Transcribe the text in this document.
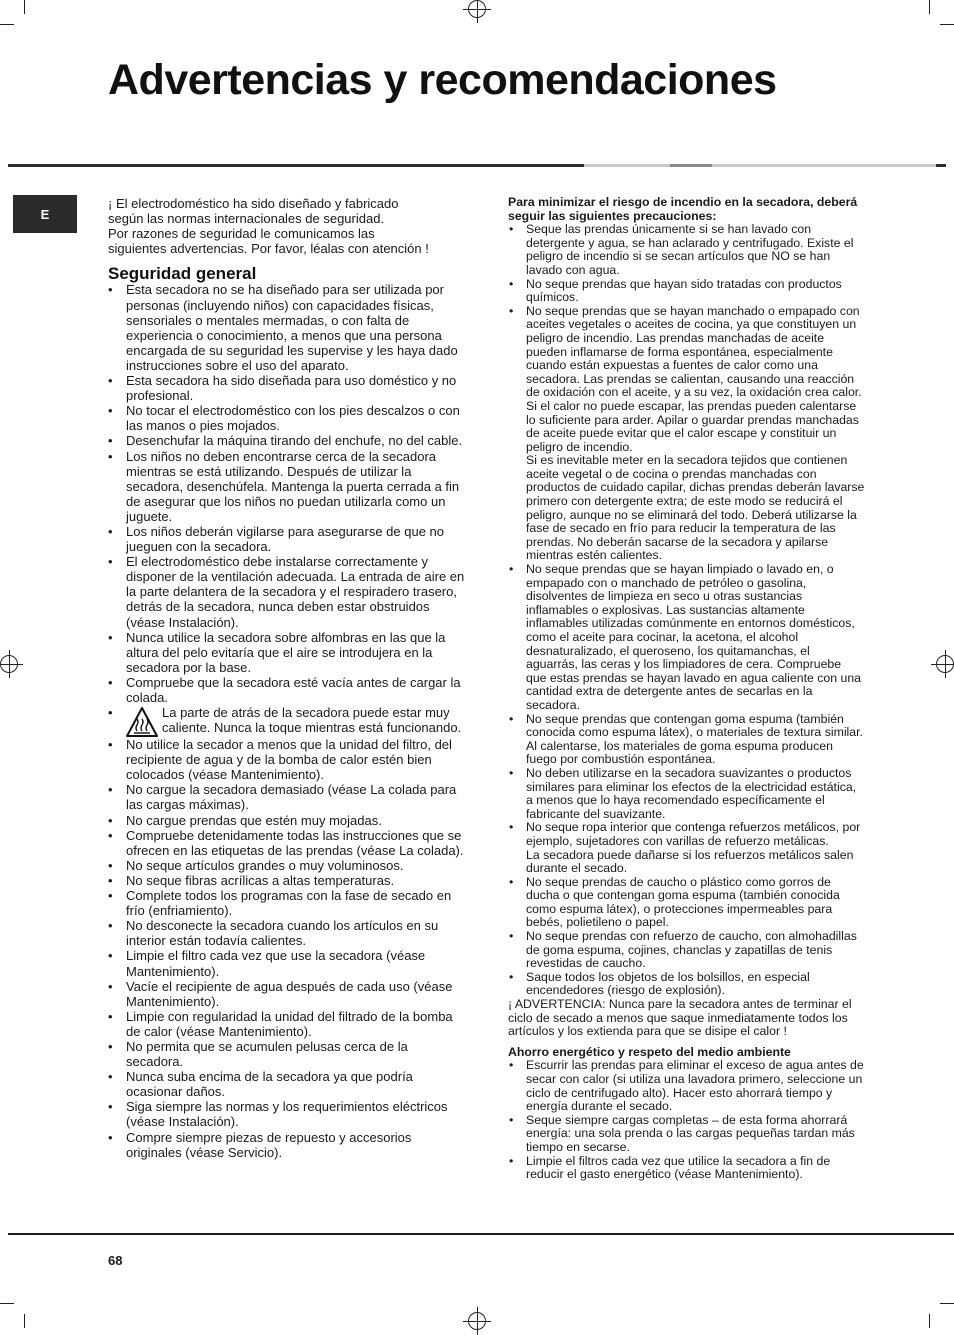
Advertencias y recomendaciones
E
¡ El electrodoméstico ha sido diseñado y fabricado
según las normas internacionales de seguridad.
Por razones de seguridad le comunicamos las
siguientes advertencias. Por favor, léalas con atención !
Seguridad general
• Esta secadora no se ha diseñado para ser utilizada por personas (incluyendo niños) con capacidades físicas, sensoriales o mentales mermadas, o con falta de experiencia o conocimiento, a menos que una persona encargada de su seguridad les supervise y les haya dado instrucciones sobre el uso del aparato.
• Esta secadora ha sido diseñada para uso doméstico y no profesional.
• No tocar el electrodoméstico con los pies descalzos o con las manos o pies mojados.
• Desenchufar la máquina tirando del enchufe, no del cable.
• Los niños no deben encontrarse cerca de la secadora mientras se está utilizando. Después de utilizar la secadora, desenchúfela. Mantenga la puerta cerrada a fin de asegurar que los niños no puedan utilizarla como un juguete.
• Los niños deberán vigilarse para asegurarse de que no jueguen con la secadora.
• El electrodoméstico debe instalarse correctamente y disponer de la ventilación adecuada. La entrada de aire en la parte delantera de la secadora y el respiradero trasero, detrás de la secadora, nunca deben estar obstruidos (véase Instalación).
• Nunca utilice la secadora sobre alfombras en las que la altura del pelo evitaría que el aire se introdujera en la secadora por la base.
• Compruebe que la secadora esté vacía antes de cargar la colada.
• La parte de atrás de la secadora puede estar muy caliente. Nunca la toque mientras está funcionando.
• No utilice la secador a menos que la unidad del filtro, del recipiente de agua y de la bomba de calor estén bien colocados (véase Mantenimiento).
• No cargue la secadora demasiado (véase La colada para las cargas máximas).
• No cargue prendas que estén muy mojadas.
• Compruebe detenidamente todas las instrucciones que se ofrecen en las etiquetas de las prendas (véase La colada).
• No seque artículos grandes o muy voluminosos.
• No seque fibras acrílicas a altas temperaturas.
• Complete todos los programas con la fase de secado en frío (enfriamiento).
• No desconecte la secadora cuando los artículos en su interior están todavía calientes.
• Limpie el filtro cada vez que use la secadora (véase Mantenimiento).
• Vacíe el recipiente de agua después de cada uso (véase Mantenimiento).
• Limpie con regularidad la unidad del filtrado de la bomba de calor (véase Mantenimiento).
• No permita que se acumulen pelusas cerca de la secadora.
• Nunca suba encima de la secadora ya que podría ocasionar daños.
• Siga siempre las normas y los requerimientos eléctricos (véase Instalación).
• Compre siempre piezas de repuesto y accesorios originales (véase Servicio).
Para minimizar el riesgo de incendio en la secadora, deberá seguir las siguientes precauciones:
• Seque las prendas únicamente si se han lavado con detergente y agua, se han aclarado y centrifugado. Existe el peligro de incendio si se secan artículos que NO se han lavado con agua.
• No seque prendas que hayan sido tratadas con productos químicos.
• No seque prendas que se hayan manchado o empapado con aceites vegetales o aceites de cocina, ya que constituyen un peligro de incendio. Las prendas manchadas de aceite pueden inflamarse de forma espontánea, especialmente cuando están expuestas a fuentes de calor como una secadora. Las prendas se calientan, causando una reacción de oxidación con el aceite, y a su vez, la oxidación crea calor. Si el calor no puede escapar, las prendas pueden calentarse lo suficiente para arder. Apilar o guardar prendas manchadas de aceite puede evitar que el calor escape y constituir un peligro de incendio.
Si es inevitable meter en la secadora tejidos que contienen aceite vegetal o de cocina o prendas manchadas con productos de cuidado capilar, dichas prendas deberán lavarse primero con detergente extra; de este modo se reducirá el peligro, aunque no se eliminará del todo. Deberá utilizarse la fase de secado en frío para reducir la temperatura de las prendas. No deberán sacarse de la secadora y apilarse mientras estén calientes.
• No seque prendas que se hayan limpiado o lavado en, o empapado con o manchado de petróleo o gasolina, disolventes de limpieza en seco u otras sustancias inflamables o explosivas. Las sustancias altamente inflamables utilizadas comúnmente en entornos domésticos, como el aceite para cocinar, la acetona, el alcohol desnaturalizado, el queroseno, los quitamanchas, el aguarrás, las ceras y los limpiadores de cera. Compruebe que estas prendas se hayan lavado en agua caliente con una cantidad extra de detergente antes de secarlas en la secadora.
• No seque prendas que contengan goma espuma (también conocida como espuma látex), o materiales de textura similar. Al calentarse, los materiales de goma espuma producen fuego por combustión espontánea.
• No deben utilizarse en la secadora suavizantes o productos similares para eliminar los efectos de la electricidad estática, a menos que lo haya recomendado específicamente el fabricante del suavizante.
• No seque ropa interior que contenga refuerzos metálicos, por ejemplo, sujetadores con varillas de refuerzo metálicas.
La secadora puede dañarse si los refuerzos metálicos salen durante el secado.
• No seque prendas de caucho o plástico como gorros de ducha o que contengan goma espuma (también conocida como espuma látex), o protecciones impermeables para bebés, polietileno o papel.
• No seque prendas con refuerzo de caucho, con almohadillas de goma espuma, cojines, chanclas y zapatillas de tenis revestidas de caucho.
• Saque todos los objetos de los bolsillos, en especial encendedores (riesgo de explosión).

¡ ADVERTENCIA: Nunca pare la secadora antes de terminar el ciclo de secado a menos que saque inmediatamente todos los artículos y los extienda para que se disipe el calor !

Ahorro energético y respeto del medio ambiente
• Escurrir las prendas para eliminar el exceso de agua antes de secar con calor (si utiliza una lavadora primero, seleccione un ciclo de centrifugado alto). Hacer esto ahorrará tiempo y energía durante el secado.
• Seque siempre cargas completas – de esta forma ahorrará energía: una sola prenda o las cargas pequeñas tardan más tiempo en secarse.
• Limpie el filtros cada vez que utilice la secadora a fin de reducir el gasto energético (véase Mantenimiento).
68
